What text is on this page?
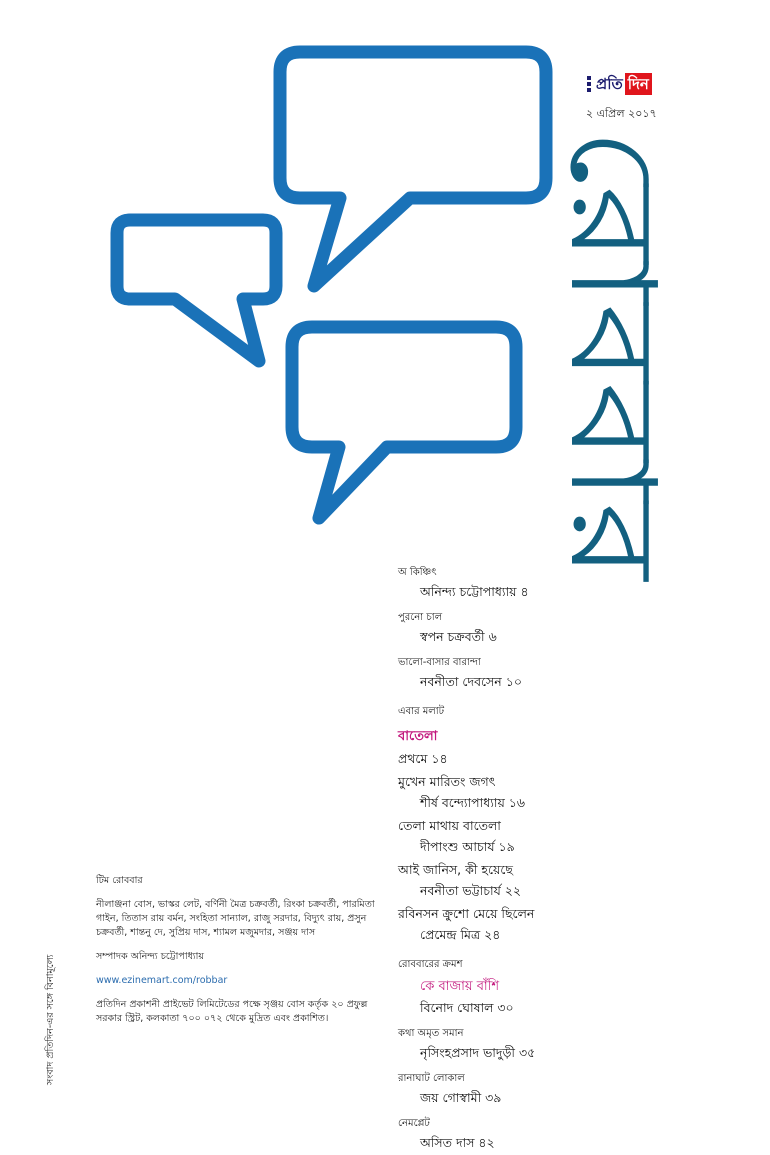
রোববার
প্রতি দিন
২ এপ্রিল ২০১৭
অ কিঞ্চিৎ
অনিন্দ্য চট্টোপাধ্যায় ৪
পুরনো চাল
স্বপন চক্রবর্তী ৬
ভালো-বাসার বারান্দা
নবনীতা দেবসেন ১০
এবার মলাট
বাতেলা
প্রথমে ১৪
মুখেন মারিতং জগৎ
শীর্ষ বন্দ্যোপাধ্যায় ১৬
তেলা মাথায় বাতেলা
দীপাংশু আচার্য ১৯
আই জানিস, কী হয়েছে
নবনীতা ভট্টাচার্য ২২
রবিনসন ক্রুশো মেয়ে ছিলেন
প্রেমেন্দ্র মিত্র ২৪
রোববারের ক্রমশ
কে বাজায় বাঁশি
বিনোদ ঘোষাল ৩০
কথা অমৃত সমান
নৃসিংহপ্রসাদ ভাদুড়ী ৩৫
রানাঘাট লোকাল
জয় গোস্বামী ৩৯
নেমপ্লেট
অসিত দাস ৪২

টিম রোববার

নীলাঞ্জনা বোস, ভাস্কর লেট, বর্ণিনী মৈত্র চক্রবর্তী, রিংকা চক্রবর্তী, পারমিতা গাইন, তিতাস রায় বর্মন, সংহিতা সান্যাল, রাজু সরদার, বিদ্যুৎ রায়, প্রসুন চক্রবর্তী, শান্তনু দে, সুপ্রিয় দাস, শ্যামল মজুমদার, সঞ্জয় দাস

সম্পাদক অনিন্দ্য চট্টোপাধ্যায়

www.ezinemart.com/robbar

প্রতিদিন প্রকাশনী প্রাইভেট লিমিটেডের পক্ষে সৃঞ্জয় বোস কর্তৃক ২০ প্রফুল্ল সরকার স্ট্রিট, কলকাতা ৭০০ ০৭২ থেকে মুদ্রিত এবং প্রকাশিত।

সংবাদ প্রতিদিন-এর সঙ্গে বিনামূল্যে
